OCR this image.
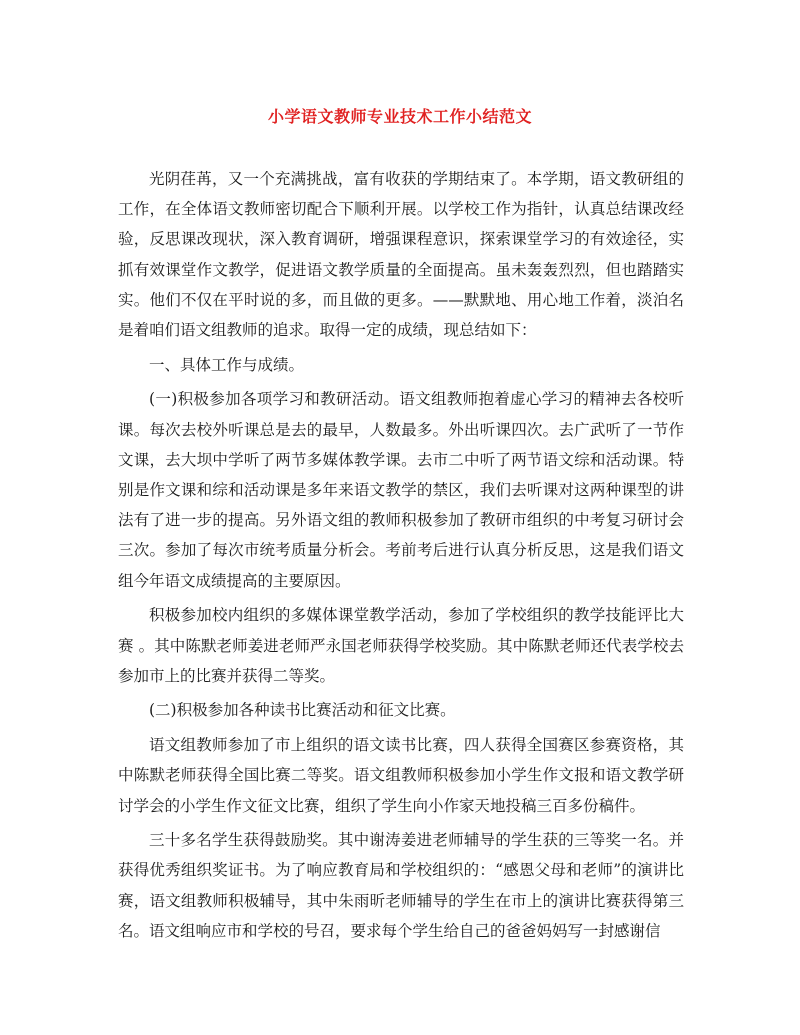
小学语文教师专业技术工作小结范文

光阴荏苒，又一个充满挑战，富有收获的学期结束了。本学期，语文教研组的工作，在全体语文教师密切配合下顺利开展。以学校工作为指针，认真总结课改经验，反思课改现状，深入教育调研，增强课程意识，探索课堂学习的有效途径，实抓有效课堂作文教学，促进语文教学质量的全面提高。虽未轰轰烈烈，但也踏踏实实。他们不仅在平时说的多，而且做的更多。——默默地、用心地工作着，淡泊名是着咱们语文组教师的追求。取得一定的成绩，现总结如下：

一、具体工作与成绩。

(一)积极参加各项学习和教研活动。语文组教师抱着虚心学习的精神去各校听课。每次去校外听课总是去的最早，人数最多。外出听课四次。去广武听了一节作文课，去大坝中学听了两节多媒体教学课。去市二中听了两节语文综和活动课。特别是作文课和综和活动课是多年来语文教学的禁区，我们去听课对这两种课型的讲法有了进一步的提高。另外语文组的教师积极参加了教研市组织的中考复习研讨会三次。参加了每次市统考质量分析会。考前考后进行认真分析反思，这是我们语文组今年语文成绩提高的主要原因。

积极参加校内组织的多媒体课堂教学活动，参加了学校组织的教学技能评比大赛 。其中陈默老师姜进老师严永国老师获得学校奖励。其中陈默老师还代表学校去参加市上的比赛并获得二等奖。

(二)积极参加各种读书比赛活动和征文比赛。

语文组教师参加了市上组织的语文读书比赛，四人获得全国赛区参赛资格，其中陈默老师获得全国比赛二等奖。语文组教师积极参加小学生作文报和语文教学研讨学会的小学生作文征文比赛，组织了学生向小作家天地投稿三百多份稿件。

三十多名学生获得鼓励奖。其中谢涛姜进老师辅导的学生获的三等奖一名。并获得优秀组织奖证书。为了响应教育局和学校组织的：“感恩父母和老师”的演讲比赛，语文组教师积极辅导，其中朱雨昕老师辅导的学生在市上的演讲比赛获得第三名。语文组响应市和学校的号召，要求每个学生给自己的爸爸妈妈写一封感谢信
